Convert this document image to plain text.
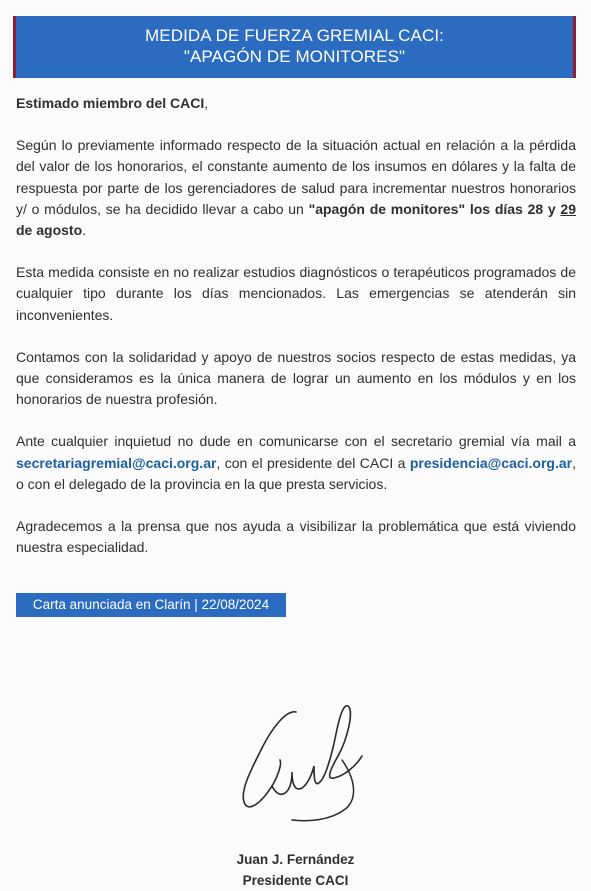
MEDIDA DE FUERZA GREMIAL CACI:
"APAGÓN DE MONITORES"
Estimado miembro del CACI,

Según lo previamente informado respecto de la situación actual en relación a la pérdida del valor de los honorarios, el constante aumento de los insumos en dólares y la falta de respuesta por parte de los gerenciadores de salud para incrementar nuestros honorarios y/ o módulos, se ha decidido llevar a cabo un "apagón de monitores" los días 28 y 29 de agosto.

Esta medida consiste en no realizar estudios diagnósticos o terapéuticos programados de cualquier tipo durante los días mencionados. Las emergencias se atenderán sin inconvenientes.

Contamos con la solidaridad y apoyo de nuestros socios respecto de estas medidas, ya que consideramos es la única manera de lograr un aumento en los módulos y en los honorarios de nuestra profesión.

Ante cualquier inquietud no dude en comunicarse con el secretario gremial vía mail a secretariagremial@caci.org.ar, con el presidente del CACI a presidencia@caci.org.ar, o con el delegado de la provincia en la que presta servicios.

Agradecemos a la prensa que nos ayuda a visibilizar la problemática que está viviendo nuestra especialidad.

Carta anunciada en Clarín | 22/08/2024
Juan J. Fernández
Presidente CACI
